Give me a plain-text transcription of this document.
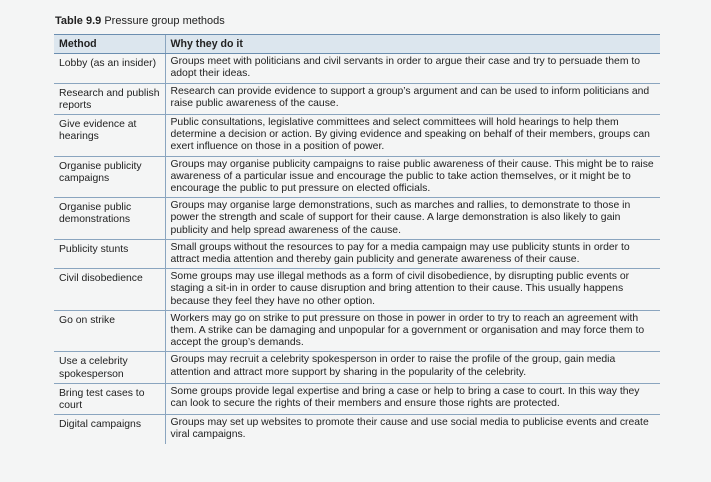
Table 9.9 Pressure group methods
Method	Why they do it
Lobby (as an insider)	Groups meet with politicians and civil servants in order to argue their case and try to persuade them to adopt their ideas.
Research and publish reports	Research can provide evidence to support a group’s argument and can be used to inform politicians and raise public awareness of the cause.
Give evidence at hearings	Public consultations, legislative committees and select committees will hold hearings to help them determine a decision or action. By giving evidence and speaking on behalf of their members, groups can exert influence on those in a position of power.
Organise publicity campaigns	Groups may organise publicity campaigns to raise public awareness of their cause. This might be to raise awareness of a particular issue and encourage the public to take action themselves, or it might be to encourage the public to put pressure on elected officials.
Organise public demonstrations	Groups may organise large demonstrations, such as marches and rallies, to demonstrate to those in power the strength and scale of support for their cause. A large demonstration is also likely to gain publicity and help spread awareness of the cause.
Publicity stunts	Small groups without the resources to pay for a media campaign may use publicity stunts in order to attract media attention and thereby gain publicity and generate awareness of their cause.
Civil disobedience	Some groups may use illegal methods as a form of civil disobedience, by disrupting public events or staging a sit-in in order to cause disruption and bring attention to their cause. This usually happens because they feel they have no other option.
Go on strike	Workers may go on strike to put pressure on those in power in order to try to reach an agreement with them. A strike can be damaging and unpopular for a government or organisation and may force them to accept the group’s demands.
Use a celebrity spokesperson	Groups may recruit a celebrity spokesperson in order to raise the profile of the group, gain media attention and attract more support by sharing in the popularity of the celebrity.
Bring test cases to court	Some groups provide legal expertise and bring a case or help to bring a case to court. In this way they can look to secure the rights of their members and ensure those rights are protected.
Digital campaigns	Groups may set up websites to promote their cause and use social media to publicise events and create viral campaigns.
